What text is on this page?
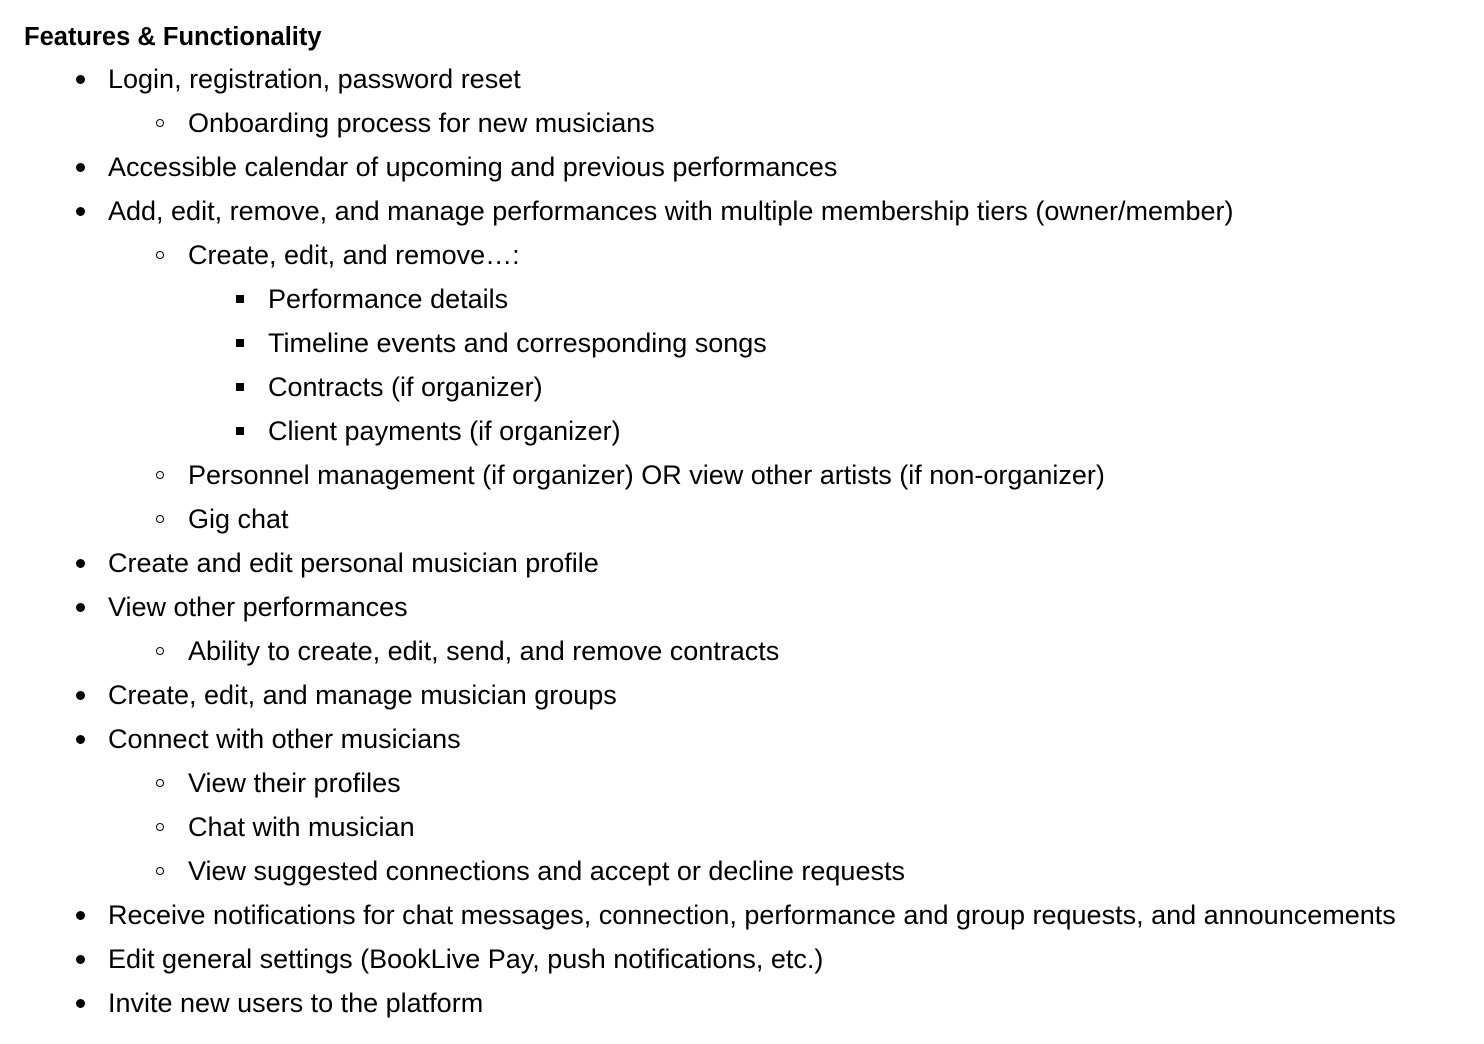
Features & Functionality
Login, registration, password reset
Onboarding process for new musicians
Accessible calendar of upcoming and previous performances
Add, edit, remove, and manage performances with multiple membership tiers (owner/member)
Create, edit, and remove…:
Performance details
Timeline events and corresponding songs
Contracts (if organizer)
Client payments (if organizer)
Personnel management (if organizer) OR view other artists (if non-organizer)
Gig chat
Create and edit personal musician profile
View other performances
Ability to create, edit, send, and remove contracts
Create, edit, and manage musician groups
Connect with other musicians
View their profiles
Chat with musician
View suggested connections and accept or decline requests
Receive notifications for chat messages, connection, performance and group requests, and announcements
Edit general settings (BookLive Pay, push notifications, etc.)
Invite new users to the platform
